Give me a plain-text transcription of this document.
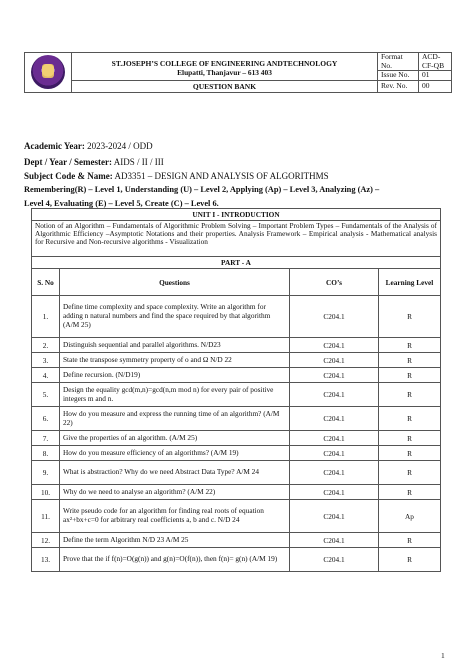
	ST.JOSEPH’S COLLEGE OF ENGINEERING ANDTECHNOLOGY
Elupatti, Thanjavur – 613 403	Format No.	ACD-CF-QB
		Issue No.	01

	QUESTION BANK	Rev. No.	00
Academic Year: 2023-2024 / ODD
Dept / Year / Semester: AIDS / II / III
Subject Code & Name: AD3351 – DESIGN AND ANALYSIS OF ALGORITHMS
Remembering(R) – Level 1, Understanding (U) – Level 2, Applying (Ap) – Level 3, Analyzing (Az) –
Level 4, Evaluating (E) – Level 5, Create (C) – Level 6.
UNIT I - INTRODUCTION			
Notion of an Algorithm – Fundamentals of Algorithmic Problem Solving – Important Problem Types – Fundamentals of the Analysis of Algorithmic Efficiency –Asymptotic Notations and their properties. Analysis Framework – Empirical analysis - Mathematical analysis for Recursive and Non-recursive algorithms - Visualization			
PART - A			
S. No	Questions	CO’s	Learning Level
1.	Define time complexity and space complexity. Write an algorithm for adding n natural numbers and find the space required by that algorithm (A/M 25)	C204.1	R
2.	Distinguish sequential and parallel algorithms. N/D23	C204.1	R
3.	State the transpose symmetry property of o and Ω N/D 22	C204.1	R
4.	Define recursion. (N/D19)	C204.1	R
5.	Design the equality gcd(m,n)=gcd(n,m mod n) for every pair of positive integers m and n.	C204.1	R
6.	How do you measure and express the running time of an algorithm? (A/M 22)	C204.1	R
7.	Give the properties of an algorithm. (A/M 25)	C204.1	R
8.	How do you measure efficiency of an algorithms? (A/M 19)	C204.1	R
9.	What is abstraction? Why do we need Abstract Data Type? A/M 24	C204.1	R
10.	Why do we need to analyse an algorithm? (A/M 22)	C204.1	R
11.	Write pseudo code for an algorithm for finding real roots of equation ax²+bx+c=0 for arbitrary real coefficients a, b and c. N/D 24	C204.1	Ap
12.	Define the term Algorithm N/D 23 A/M 25	C204.1	R
13.	Prove that the if f(n)=O(g(n)) and g(n)=O(f(n)), then f(n)= g(n) (A/M 19)	C204.1	R
1
